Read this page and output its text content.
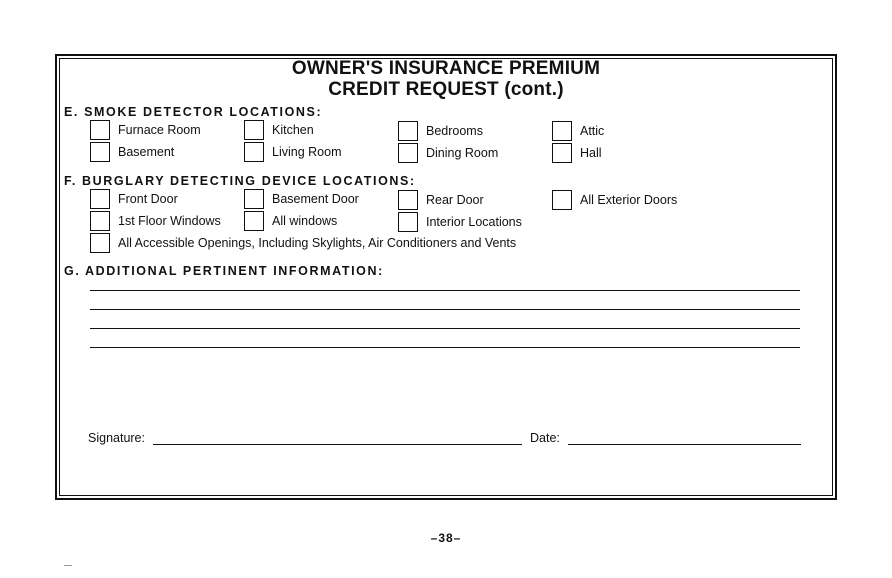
OWNER'S INSURANCE PREMIUM
CREDIT REQUEST (cont.)
E. SMOKE DETECTOR LOCATIONS:
Furnace Room	Kitchen	Bedrooms	Attic
Basement	Living Room	Dining Room	Hall
F. BURGLARY DETECTING DEVICE LOCATIONS:
Front Door	Basement Door	Rear Door	All Exterior Doors
1st Floor Windows	All windows	Interior Locations
All Accessible Openings, Including Skylights, Air Conditioners and Vents
G. ADDITIONAL PERTINENT INFORMATION:
Signature:	Date:
–38–
